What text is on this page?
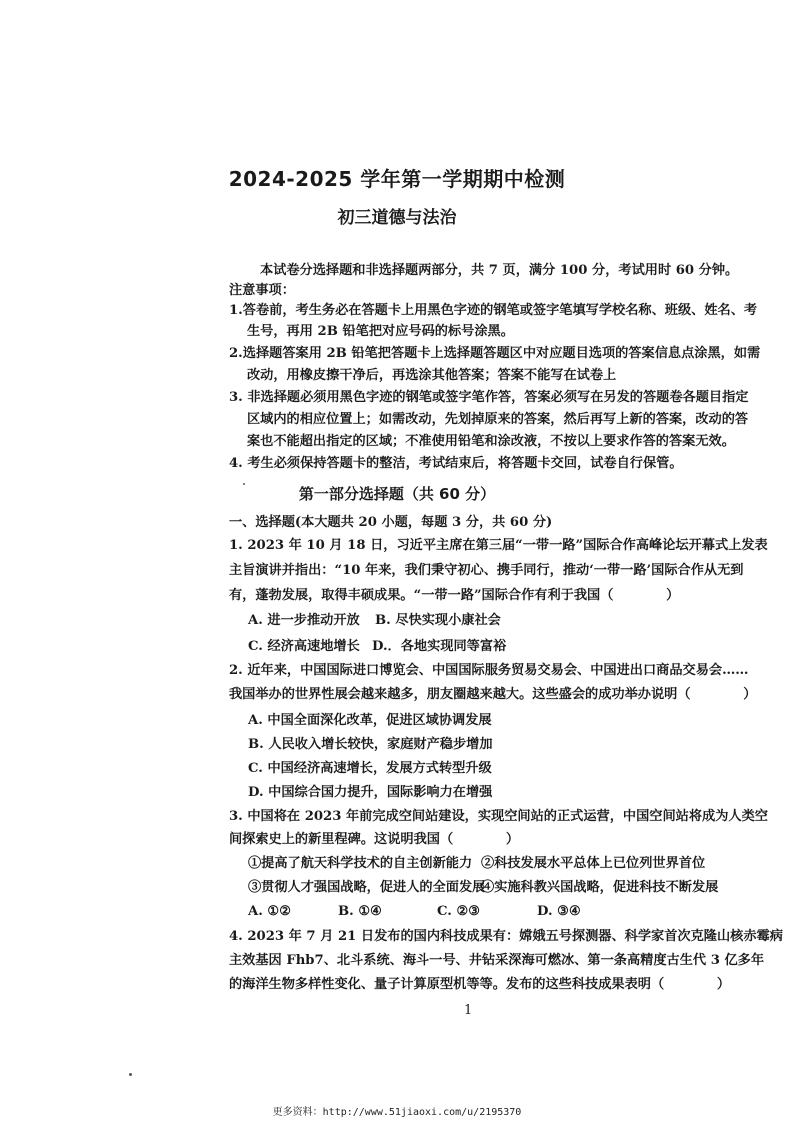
2024-2025 学年第一学期期中检测
初三道德与法治
本试卷分选择题和非选择题两部分，共 7 页，满分 100 分，考试用时 60 分钟。
注意事项：
1.答卷前，考生务必在答题卡上用黑色字迹的钢笔或签字笔填写学校名称、班级、姓名、考
生号，再用 2B 铅笔把对应号码的标号涂黑。
2.选择题答案用 2B 铅笔把答题卡上选择题答题区中对应题目选项的答案信息点涂黑，如需
改动，用橡皮擦干净后，再选涂其他答案；答案不能写在试卷上
3. 非选择题必须用黑色字迹的钢笔或签字笔作答，答案必须写在另发的答题卷各题目指定
区域内的相应位置上；如需改动，先划掉原来的答案，然后再写上新的答案，改动的答
案也不能超出指定的区域；不准使用铅笔和涂改液，不按以上要求作答的答案无效。
4. 考生必须保持答题卡的整洁，考试结束后，将答题卡交回，试卷自行保管。
第一部分选择题（共 60 分）
一、选择题(本大题共 20 小题，每题 3 分，共 60 分)
1. 2023 年 10 月 18 日，习近平主席在第三届“一带一路”国际合作高峰论坛开幕式上发表
主旨演讲并指出：“10 年来，我们秉守初心、携手同行，推动‘一带一路’国际合作从无到
有，蓬勃发展，取得丰硕成果。“一带一路”国际合作有利于我国（　　　　）
A. 进一步推动开放 B. 尽快实现小康社会
C. 经济高速地增长 D.．各地实现同等富裕
2. 近年来，中国国际进口博览会、中国国际服务贸易交易会、中国进出口商品交易会……
我国举办的世界性展会越来越多，朋友圈越来越大。这些盛会的成功举办说明（　　　　）
A. 中国全面深化改革，促进区域协调发展
B. 人民收入增长较快，家庭财产稳步增加
C. 中国经济高速增长，发展方式转型升级
D. 中国综合国力提升，国际影响力在增强
3. 中国将在 2023 年前完成空间站建设，实现空间站的正式运营，中国空间站将成为人类空
间探索史上的新里程碑。这说明我国（　　　　）
①提高了航天科学技术的自主创新能力 ②科技发展水平总体上已位列世界首位
③贯彻人才强国战略，促进人的全面发展
④实施科教兴国战略，促进科技不断发展
A. ①②	B. ①④	C. ②③	D. ③④
4. 2023 年 7 月 21 日发布的国内科技成果有：嫦娥五号探测器、科学家首次克隆山核赤霉病
主效基因 Fhb7、北斗系统、海斗一号、井钻采深海可燃冰、第一条高精度古生代 3 亿多年
的海洋生物多样性变化、量子计算原型机等等。发布的这些科技成果表明（　　　　）
1
更多资料：http://www.51jiaoxi.com/u/2195370
